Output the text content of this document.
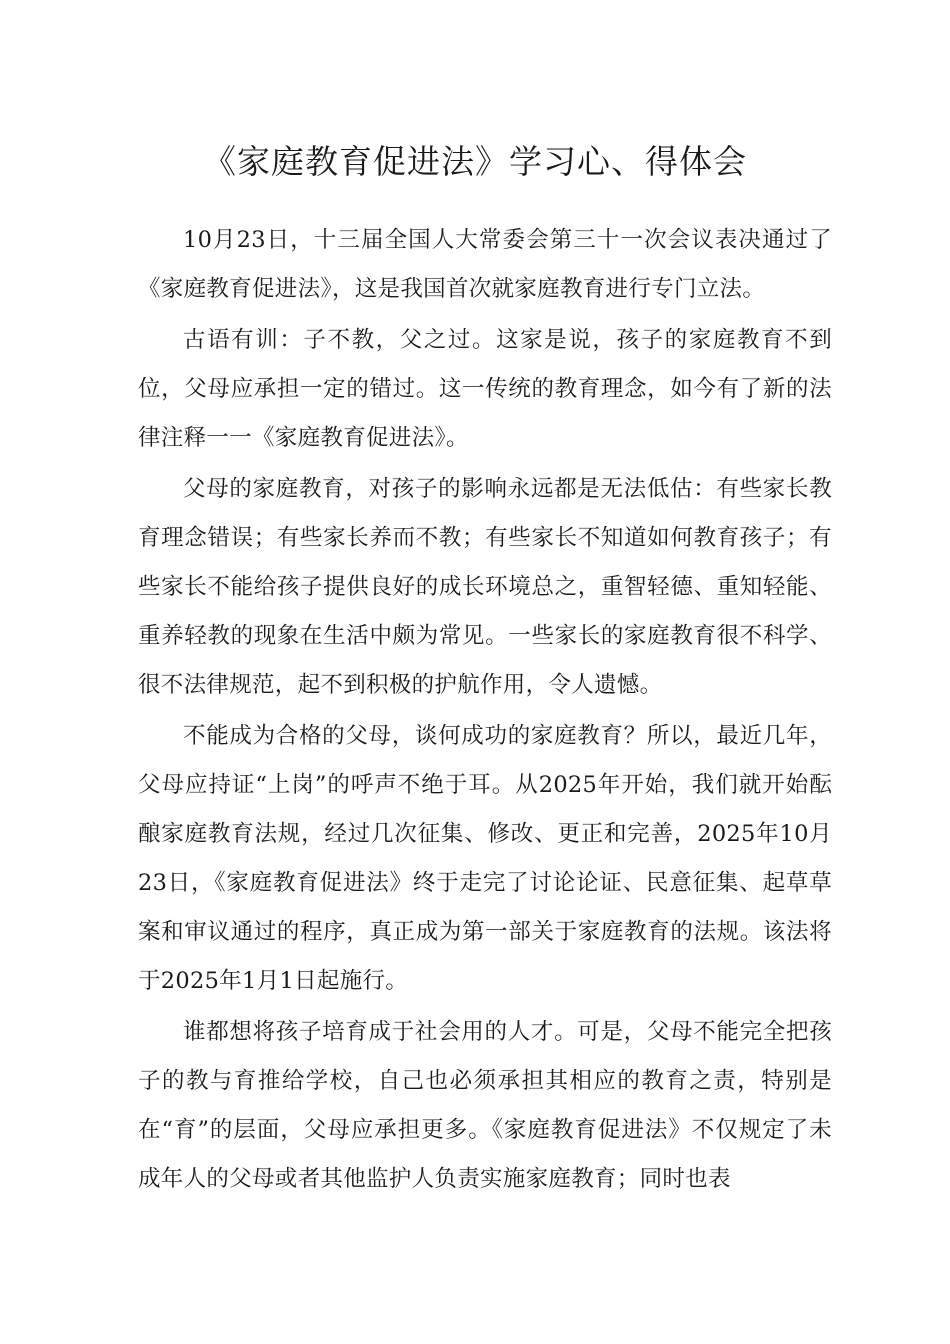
《家庭教育促进法》学习心、得体会

10月23日，十三届全国人大常委会第三十一次会议表决通过了《家庭教育促进法》，这是我国首次就家庭教育进行专门立法。

古语有训：子不教，父之过。这家是说，孩子的家庭教育不到位，父母应承担一定的错过。这一传统的教育理念，如今有了新的法律注释一一《家庭教育促进法》。

父母的家庭教育，对孩子的影响永远都是无法低估：有些家长教育理念错误；有些家长养而不教；有些家长不知道如何教育孩子；有些家长不能给孩子提供良好的成长环境总之，重智轻德、重知轻能、重养轻教的现象在生活中颇为常见。一些家长的家庭教育很不科学、很不法律规范，起不到积极的护航作用，令人遗憾。

不能成为合格的父母，谈何成功的家庭教育？所以，最近几年，父母应持证“上岗”的呼声不绝于耳。从2025年开始，我们就开始酝酿家庭教育法规，经过几次征集、修改、更正和完善，2025年10月23日，《家庭教育促进法》终于走完了讨论论证、民意征集、起草草案和审议通过的程序，真正成为第一部关于家庭教育的法规。该法将于2025年1月1日起施行。

谁都想将孩子培育成于社会用的人才。可是，父母不能完全把孩子的教与育推给学校，自己也必须承担其相应的教育之责，特别是在“育”的层面，父母应承担更多。《家庭教育促进法》不仅规定了未成年人的父母或者其他监护人负责实施家庭教育；同时也表
